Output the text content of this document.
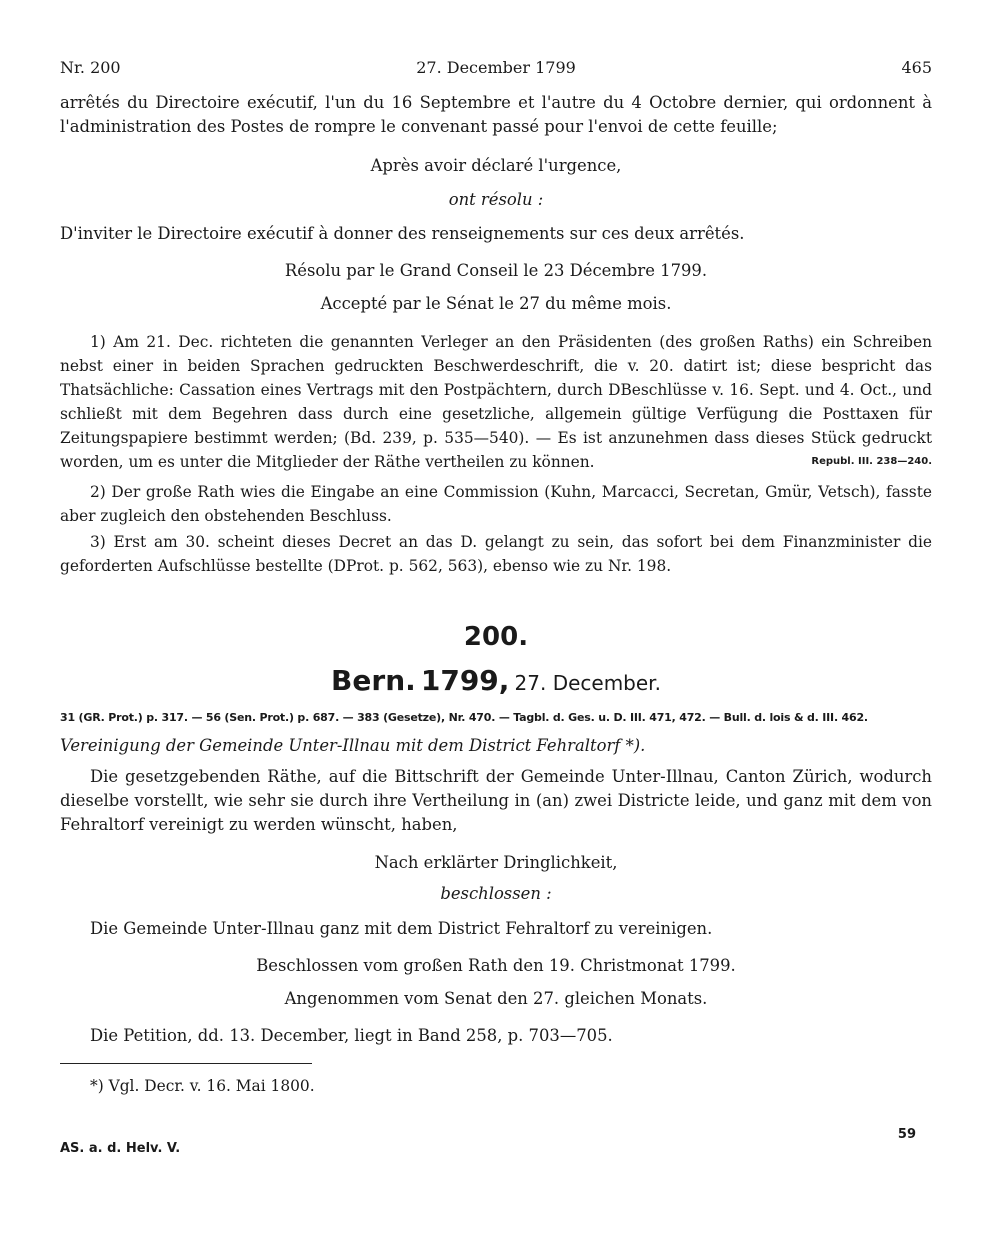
Nr. 200	27. December 1799	465

arrêtés du Directoire exécutif, l'un du 16 Septembre et l'autre du 4 Octobre dernier, qui ordonnent à l'administration des Postes de rompre le convenant passé pour l'envoi de cette feuille;

Après avoir déclaré l'urgence,

ont résolu :

D'inviter le Directoire exécutif à donner des renseignements sur ces deux arrêtés.

Résolu par le Grand Conseil le 23 Décembre 1799.

Accepté par le Sénat le 27 du même mois.

1) Am 21. Dec. richteten die genannten Verleger an den Präsidenten (des großen Raths) ein Schreiben nebst einer in beiden Sprachen gedruckten Beschwerdeschrift, die v. 20. datirt ist; diese bespricht das Thatsächliche: Cassation eines Vertrags mit den Postpächtern, durch DBeschlüsse v. 16. Sept. und 4. Oct., und schließt mit dem Begehren dass durch eine gesetzliche, allgemein gültige Verfügung die Posttaxen für Zeitungspapiere bestimmt werden; (Bd. 239, p. 535—540). — Es ist anzunehmen dass dieses Stück gedruckt worden, um es unter die Mitglieder der Räthe vertheilen zu können.	Republ. III. 238—240.

2) Der große Rath wies die Eingabe an eine Commission (Kuhn, Marcacci, Secretan, Gmür, Vetsch), fasste aber zugleich den obstehenden Beschluss.

3) Erst am 30. scheint dieses Decret an das D. gelangt zu sein, das sofort bei dem Finanzminister die geforderten Aufschlüsse bestellte (DProt. p. 562, 563), ebenso wie zu Nr. 198.

200.

Bern. 1799, 27. December.

31 (GR. Prot.) p. 317. — 56 (Sen. Prot.) p. 687. — 383 (Gesetze), Nr. 470. — Tagbl. d. Ges. u. D. III. 471, 472. — Bull. d. lois & d. III. 462.

Vereinigung der Gemeinde Unter-Illnau mit dem District Fehraltorf *).

Die gesetzgebenden Räthe, auf die Bittschrift der Gemeinde Unter-Illnau, Canton Zürich, wodurch dieselbe vorstellt, wie sehr sie durch ihre Vertheilung in (an) zwei Districte leide, und ganz mit dem von Fehraltorf vereinigt zu werden wünscht, haben,

Nach erklärter Dringlichkeit,

beschlossen :

Die Gemeinde Unter-Illnau ganz mit dem District Fehraltorf zu vereinigen.

Beschlossen vom großen Rath den 19. Christmonat 1799.

Angenommen vom Senat den 27. gleichen Monats.

Die Petition, dd. 13. December, liegt in Band 258, p. 703—705.

*) Vgl. Decr. v. 16. Mai 1800.

AS. a. d. Helv. V.
59
